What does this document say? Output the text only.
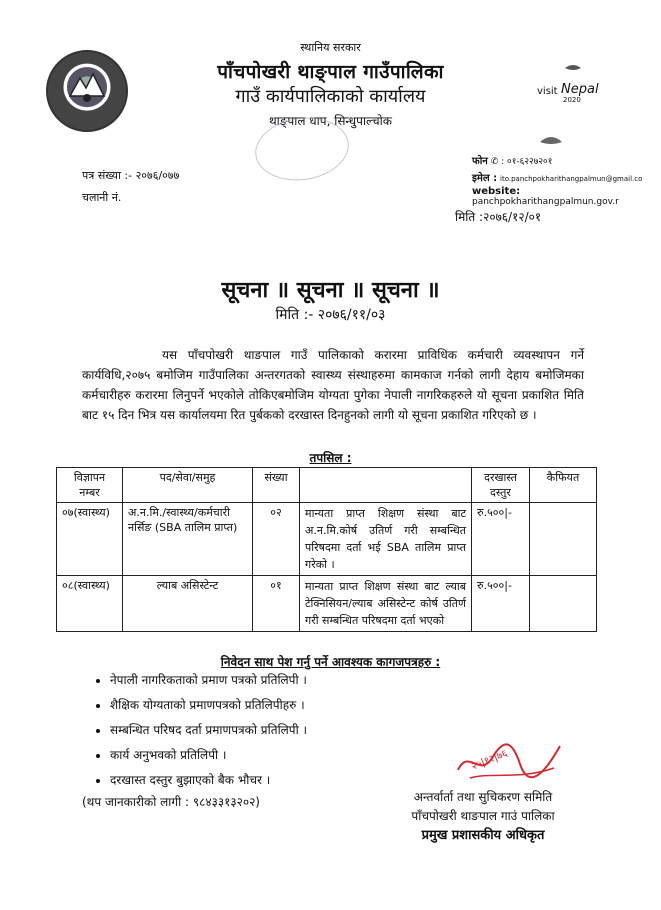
स्थानिय सरकार
पाँचपोखरी थाङ्पाल गाउँपालिका
गाउँ कार्यपालिकाको कार्यालय
थाङ्पाल धाप, सिन्धुपाल्चोक
visit Nepal
2020
पत्र संख्या :- २०७६/०७७
चलानी नं.
फोन ✆ : ०१-६२२७२०१
इमेल : ito.panchpokharithangpalmun@gmail.co
website: panchpokharithangpalmun.gov.r
मिति :२०७६/१२/०१
सूचना ॥ सूचना ॥ सूचना ॥
मिति :- २०७६/११/०३
यस पाँचपोखरी थाङपाल गाउँ पालिकाको करारमा प्राविधिक कर्मचारी व्यवस्थापन गर्ने कार्यविधि,२०७५ बमोजिम गाउँपालिका अन्तरगतको स्वास्थ्य संस्थाहरुमा कामकाज गर्नको लागी देहाय बमोजिमका कर्मचारीहरु करारमा लिनुपर्ने भएकोले तोकिएबमोजिम योग्यता पुगेका नेपाली नागरिकहरुले यो सूचना प्रकाशित मिति बाट १५ दिन भित्र यस कार्यालयमा रित पुर्बकको दरखास्त दिनहुनको लागी यो सूचना प्रकाशित गरिएको छ ।
तपसिल :
विज्ञापन नम्बर	पद/सेवा/समुह	संख्या		दरखास्त दस्तुर	कैफियत
०७(स्वास्थ्य)	अ.न.मि./स्वास्थ्य/कर्मचारी नर्सिङ (SBA तालिम प्राप्त)	०२	मान्यता प्राप्त शिक्षण संस्था बाट अ.न.मि.कोर्ष उतिर्ण गरी सम्बन्धित परिषदमा दर्ता भई SBA तालिम प्राप्त गरेको ।	रु.५००|-	
०८(स्वास्थ्य)	ल्याब असिस्टेन्ट	०१	मान्यता प्राप्त शिक्षण संस्था बाट ल्याब टेक्निसियन/ल्याब असिस्टेन्ट कोर्ष उतिर्ण गरी सम्बन्धित परिषदमा दर्ता भएको	रु.५००|-	
निवेदन साथ पेश गर्नु पर्ने आवश्यक कागजपत्रहरु :
• नेपाली नागरिकताको प्रमाण पत्रको प्रतिलिपी ।
• शैक्षिक योग्यताको प्रमाणपत्रको प्रतिलिपीहरु ।
• सम्बन्धित परिषद दर्ता प्रमाणपत्रको प्रतिलिपी ।
• कार्य अनुभवको प्रतिलिपी ।
• दरखास्त दस्तुर बुझाएको बैक भौचर ।
(थप जानकारीको लागी : ९८४३३१३२०२)
२५|१२|७६
अन्तर्वार्ता तथा सुचिकरण समिति
पाँचपोखरी थाङपाल गाउं पालिका
प्रमुख प्रशासकीय अधिकृत
